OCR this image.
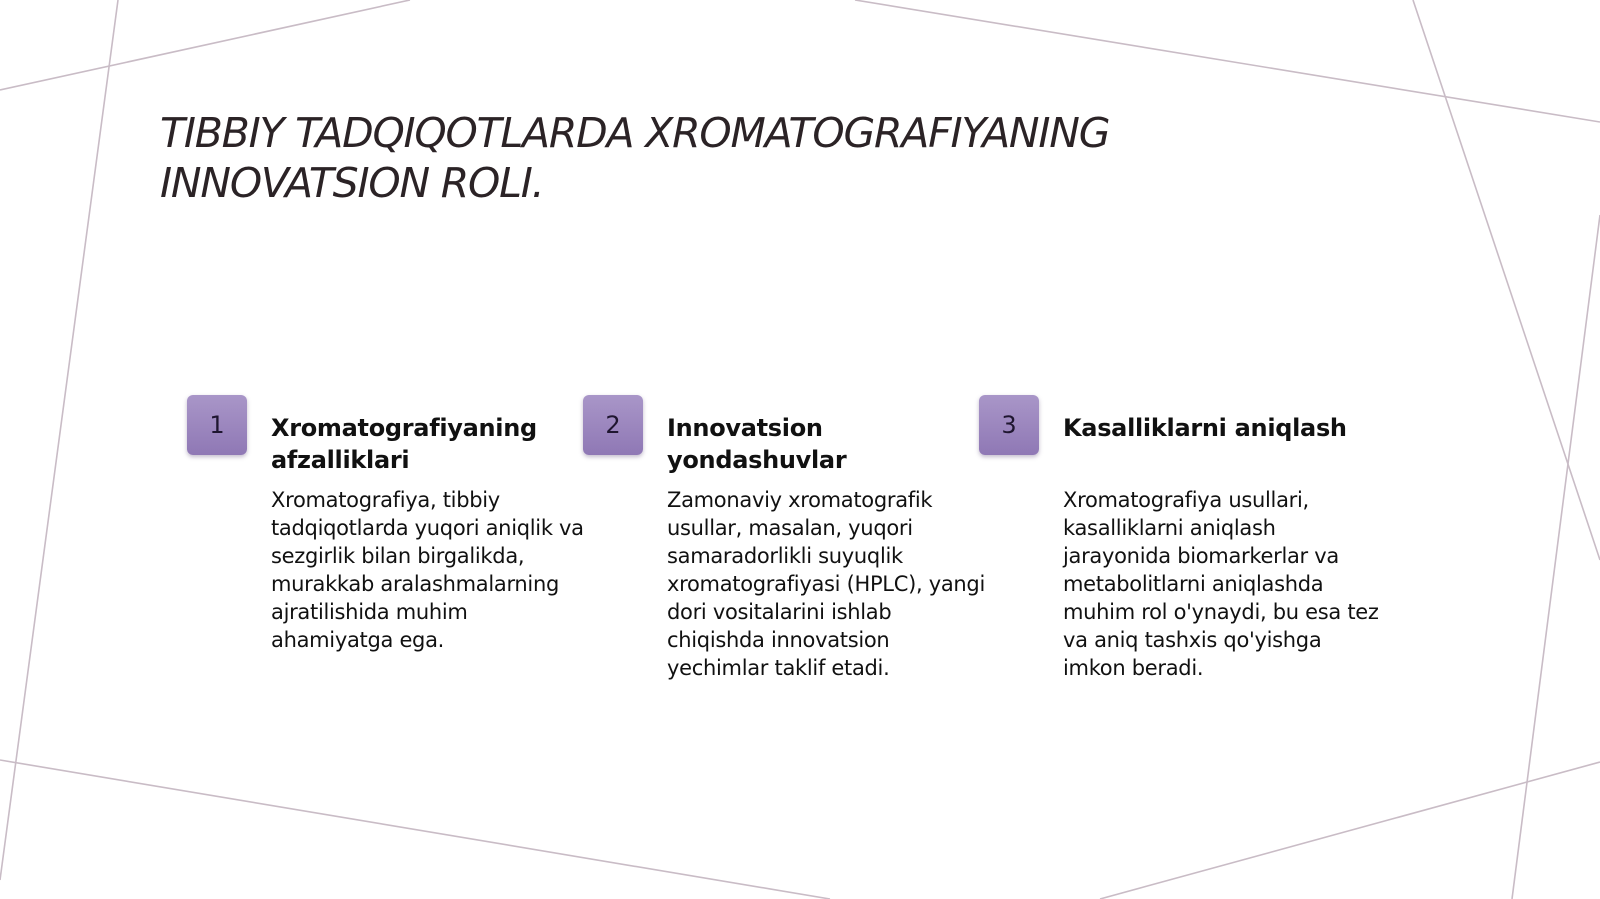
TIBBIY TADQIQOTLARDA XROMATOGRAFIYANING INNOVATSION ROLI.
1	Xromatografiyaning afzalliklari

Xromatografiya, tibbiy tadqiqotlarda yuqori aniqlik va sezgirlik bilan birgalikda, murakkab aralashmalarning ajratilishida muhim ahamiyatga ega.

2	Innovatsion yondashuvlar

Zamonaviy xromatografik usullar, masalan, yuqori samaradorlikli suyuqlik xromatografiyasi (HPLC), yangi dori vositalarini ishlab chiqishda innovatsion yechimlar taklif etadi.

3	Kasalliklarni aniqlash

Xromatografiya usullari, kasalliklarni aniqlash jarayonida biomarkerlar va metabolitlarni aniqlashda muhim rol o'ynaydi, bu esa tez va aniq tashxis qo'yishga imkon beradi.
